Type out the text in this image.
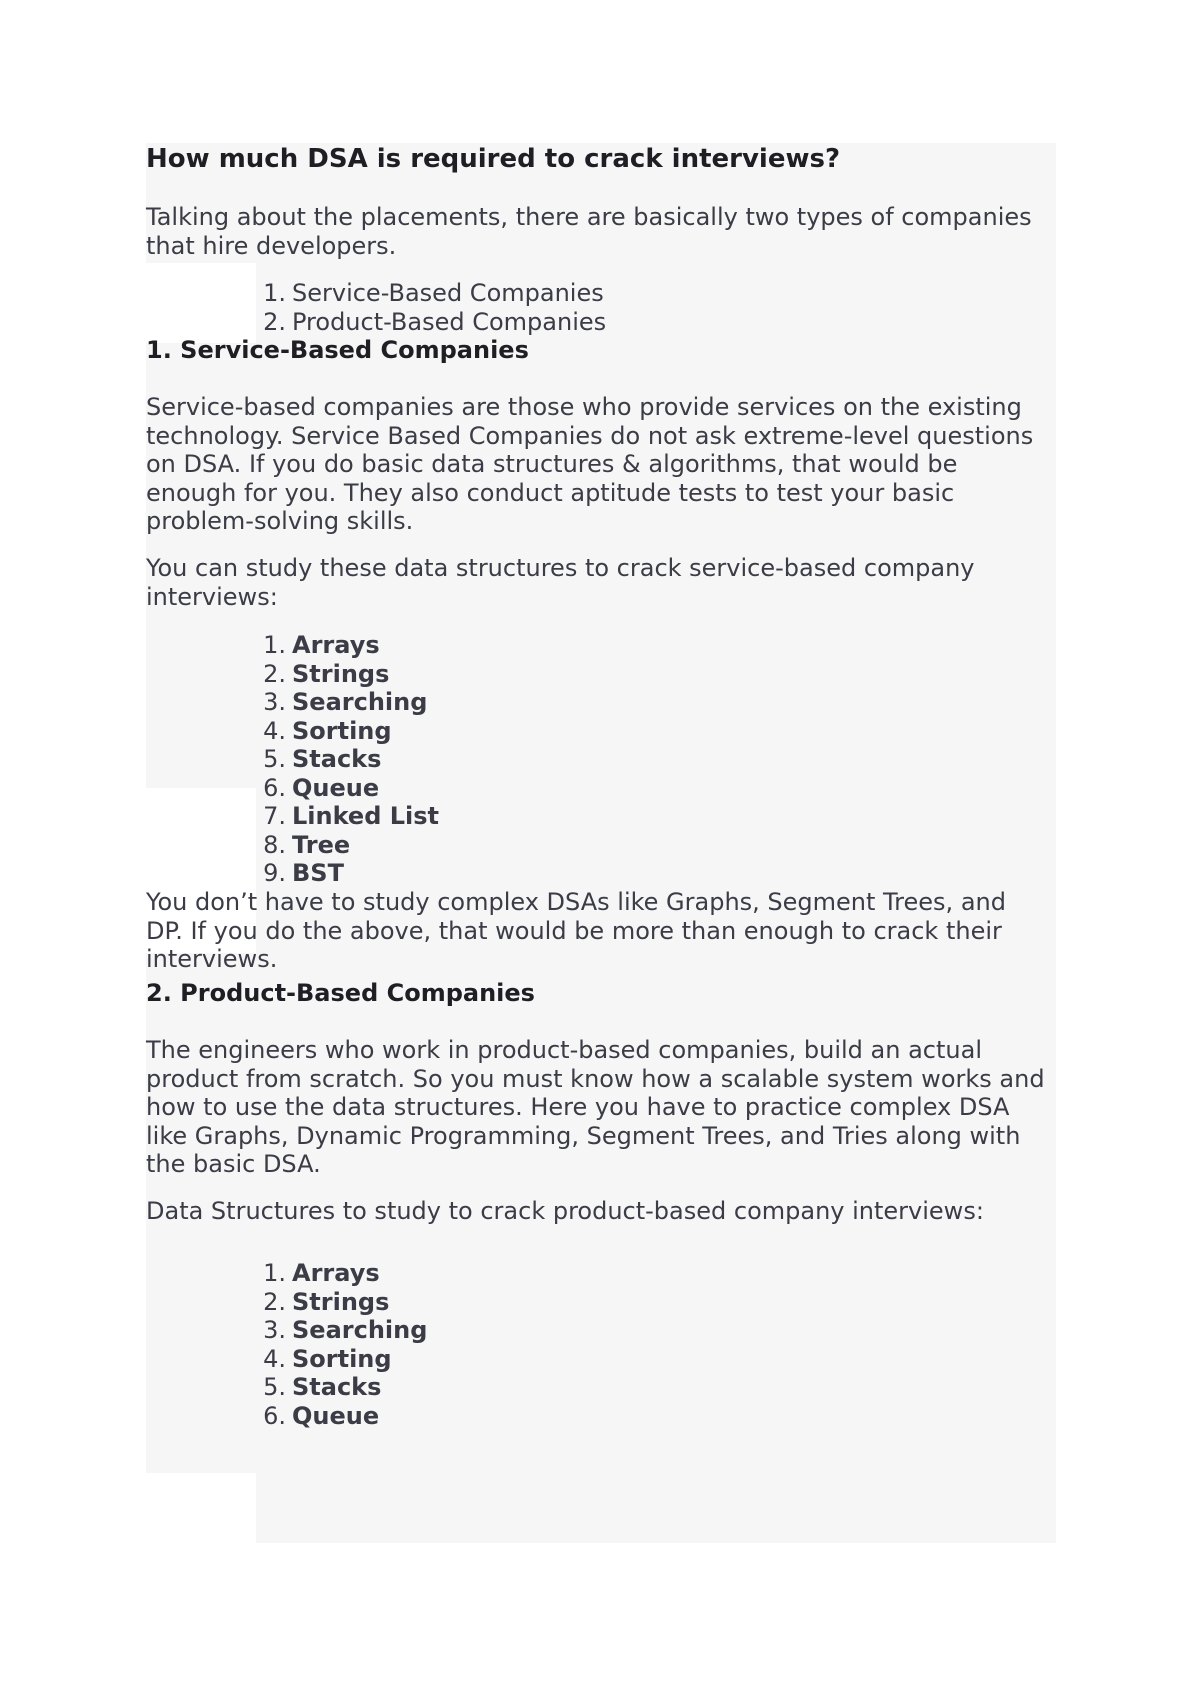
How much DSA is required to crack interviews?
Talking about the placements, there are basically two types of companies
that hire developers.
1. Service-Based Companies
2. Product-Based Companies
1. Service-Based Companies
Service-based companies are those who provide services on the existing
technology. Service Based Companies do not ask extreme-level questions
on DSA. If you do basic data structures & algorithms, that would be
enough for you. They also conduct aptitude tests to test your basic
problem-solving skills.
You can study these data structures to crack service-based company
interviews:
1. Arrays
2. Strings
3. Searching
4. Sorting
5. Stacks
6. Queue
7. Linked List
8. Tree
9. BST
You don’t have to study complex DSAs like Graphs, Segment Trees, and
DP. If you do the above, that would be more than enough to crack their
interviews.
2. Product-Based Companies
The engineers who work in product-based companies, build an actual
product from scratch. So you must know how a scalable system works and
how to use the data structures. Here you have to practice complex DSA
like Graphs, Dynamic Programming, Segment Trees, and Tries along with
the basic DSA.
Data Structures to study to crack product-based company interviews:
1. Arrays
2. Strings
3. Searching
4. Sorting
5. Stacks
6. Queue
